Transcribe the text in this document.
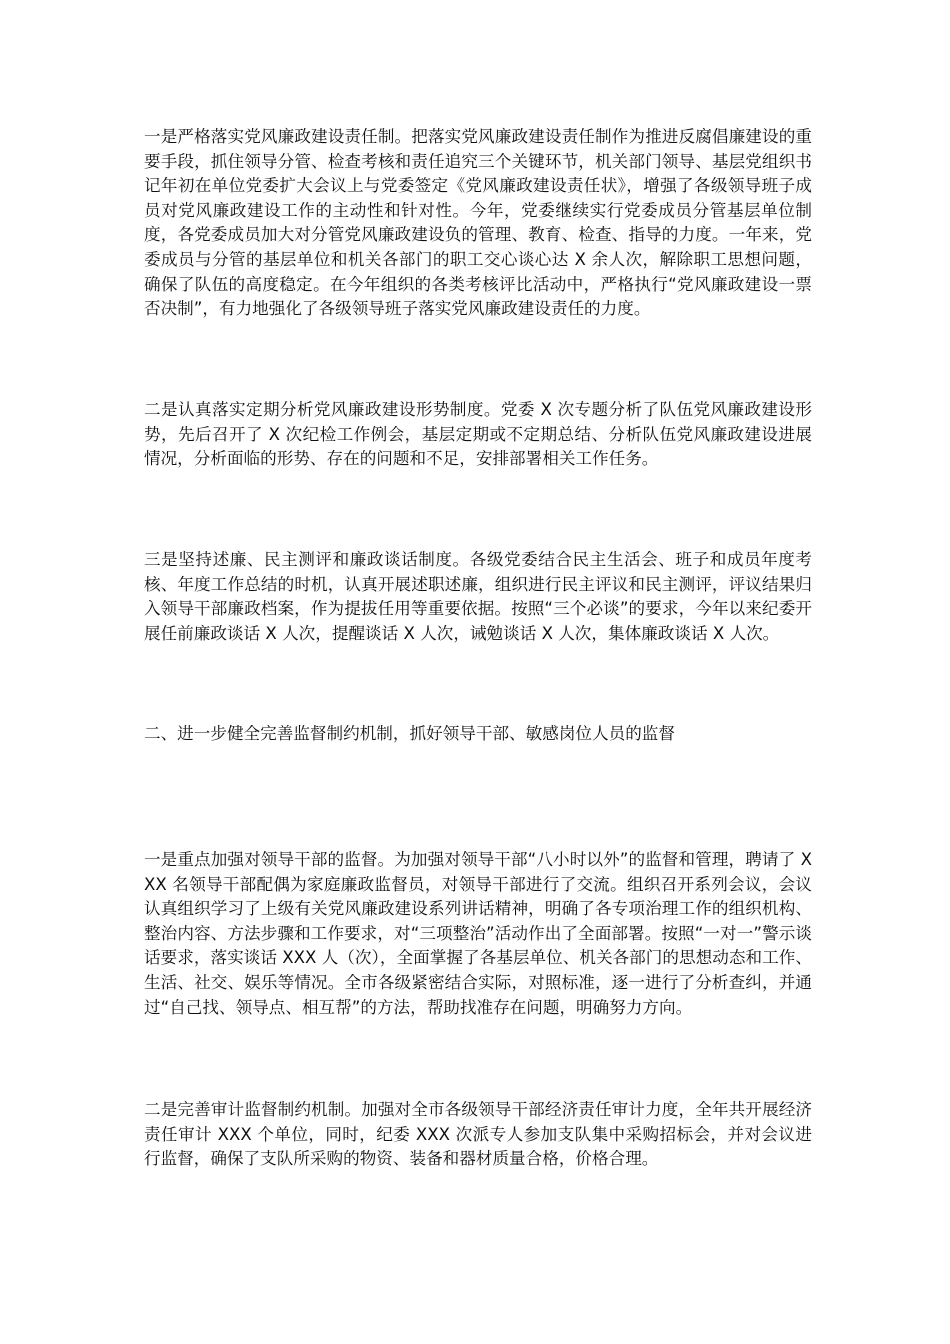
一是严格落实党风廉政建设责任制。把落实党风廉政建设责任制作为推进反腐倡廉建设的重要手段，抓住领导分管、检查考核和责任追究三个关键环节，机关部门领导、基层党组织书记年初在单位党委扩大会议上与党委签定《党风廉政建设责任状》，增强了各级领导班子成员对党风廉政建设工作的主动性和针对性。今年，党委继续实行党委成员分管基层单位制度，各党委成员加大对分管党风廉政建设负的管理、教育、检查、指导的力度。一年来，党委成员与分管的基层单位和机关各部门的职工交心谈心达 X 余人次，解除职工思想问题，确保了队伍的高度稳定。在今年组织的各类考核评比活动中，严格执行“党风廉政建设一票否决制”，有力地强化了各级领导班子落实党风廉政建设责任的力度。

二是认真落实定期分析党风廉政建设形势制度。党委 X 次专题分析了队伍党风廉政建设形势，先后召开了 X 次纪检工作例会，基层定期或不定期总结、分析队伍党风廉政建设进展情况，分析面临的形势、存在的问题和不足，安排部署相关工作任务。

三是坚持述廉、民主测评和廉政谈话制度。各级党委结合民主生活会、班子和成员年度考核、年度工作总结的时机，认真开展述职述廉，组织进行民主评议和民主测评，评议结果归入领导干部廉政档案，作为提拔任用等重要依据。按照“三个必谈”的要求，今年以来纪委开展任前廉政谈话 X 人次，提醒谈话 X 人次，诫勉谈话 X 人次，集体廉政谈话 X 人次。

二、进一步健全完善监督制约机制，抓好领导干部、敏感岗位人员的监督

一是重点加强对领导干部的监督。为加强对领导干部“八小时以外”的监督和管理，聘请了 XXX 名领导干部配偶为家庭廉政监督员，对领导干部进行了交流。组织召开系列会议，会议认真组织学习了上级有关党风廉政建设系列讲话精神，明确了各专项治理工作的组织机构、整治内容、方法步骤和工作要求，对“三项整治”活动作出了全面部署。按照“一对一”警示谈话要求，落实谈话 XXX 人（次），全面掌握了各基层单位、机关各部门的思想动态和工作、生活、社交、娱乐等情况。全市各级紧密结合实际，对照标准，逐一进行了分析查纠，并通过“自己找、领导点、相互帮”的方法，帮助找准存在问题，明确努力方向。

二是完善审计监督制约机制。加强对全市各级领导干部经济责任审计力度，全年共开展经济责任审计 XXX 个单位，同时，纪委 XXX 次派专人参加支队集中采购招标会，并对会议进行监督，确保了支队所采购的物资、装备和器材质量合格，价格合理。
